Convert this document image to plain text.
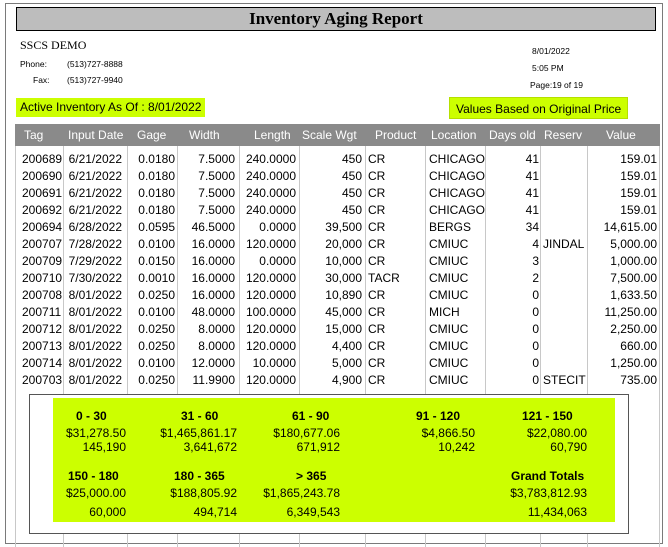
Inventory Aging Report
SSCS DEMO
Phone: (513)727-8888
Fax: (513)727-9940
8/01/2022
5:05 PM
Page:19 of 19
Active Inventory As Of : 8/01/2022	Values Based on Original Price
Tag Input Date Gage Width	Length Scale Wgt Product Location Days old Reserv Value
200689 6/21/2022 0.0180 7.5000 240.0000	450 CR	CHICAGO	41	159.01
200690 6/21/2022 0.0180 7.5000 240.0000	450 CR	CHICAGO	41	159.01
200691 6/21/2022 0.0180 7.5000 240.0000	450 CR	CHICAGO	41	159.01
200692 6/21/2022 0.0180 7.5000 240.0000	450 CR	CHICAGO	41	159.01
200694 6/28/2022 0.0595 46.5000 0.0000 39,500 CR	BERGS	34	14,615.00
200707 7/28/2022 0.0100 16.0000 120.0000 20,000 CR	CMIUC	4 JINDAL 5,000.00
200709 7/29/2022 0.0150 16.0000 0.0000 10,000 CR	CMIUC	3	1,000.00
200710 7/30/2022 0.0010 16.0000 120.0000 30,000 TACR CMIUC	2	7,500.00
200708 8/01/2022 0.0250 16.0000 120.0000 10,890 CR	CMIUC	0	1,633.50
200711 8/01/2022 0.0100 48.0000 100.0000 45,000 CR	MICH	0	11,250.00
200712 8/01/2022 0.0250 8.0000 120.0000 15,000 CR	CMIUC	0	2,250.00
200713 8/01/2022 0.0250 8.0000 120.0000	4,400 CR	CMIUC	0	660.00
200714 8/01/2022 0.0100 12.0000 10.0000	5,000 CR	CMIUC	0	1,250.00
200703 8/01/2022 0.0250 11.9900 120.0000	4,900 CR	CMIUC	0 STECIT	735.00
0 - 30
$31,278.50
145,190
31 - 60
$1,465,861.17
3,641,672
61 - 90
$180,677.06
671,912
91 - 120
$4,866.50
10,242
121 - 150
$22,080.00
60,790
150 - 180
$25,000.00
60,000
180 - 365
$188,805.92
494,714
> 365
$1,865,243.78
6,349,543
Grand Totals
$3,783,812.93
11,434,063
